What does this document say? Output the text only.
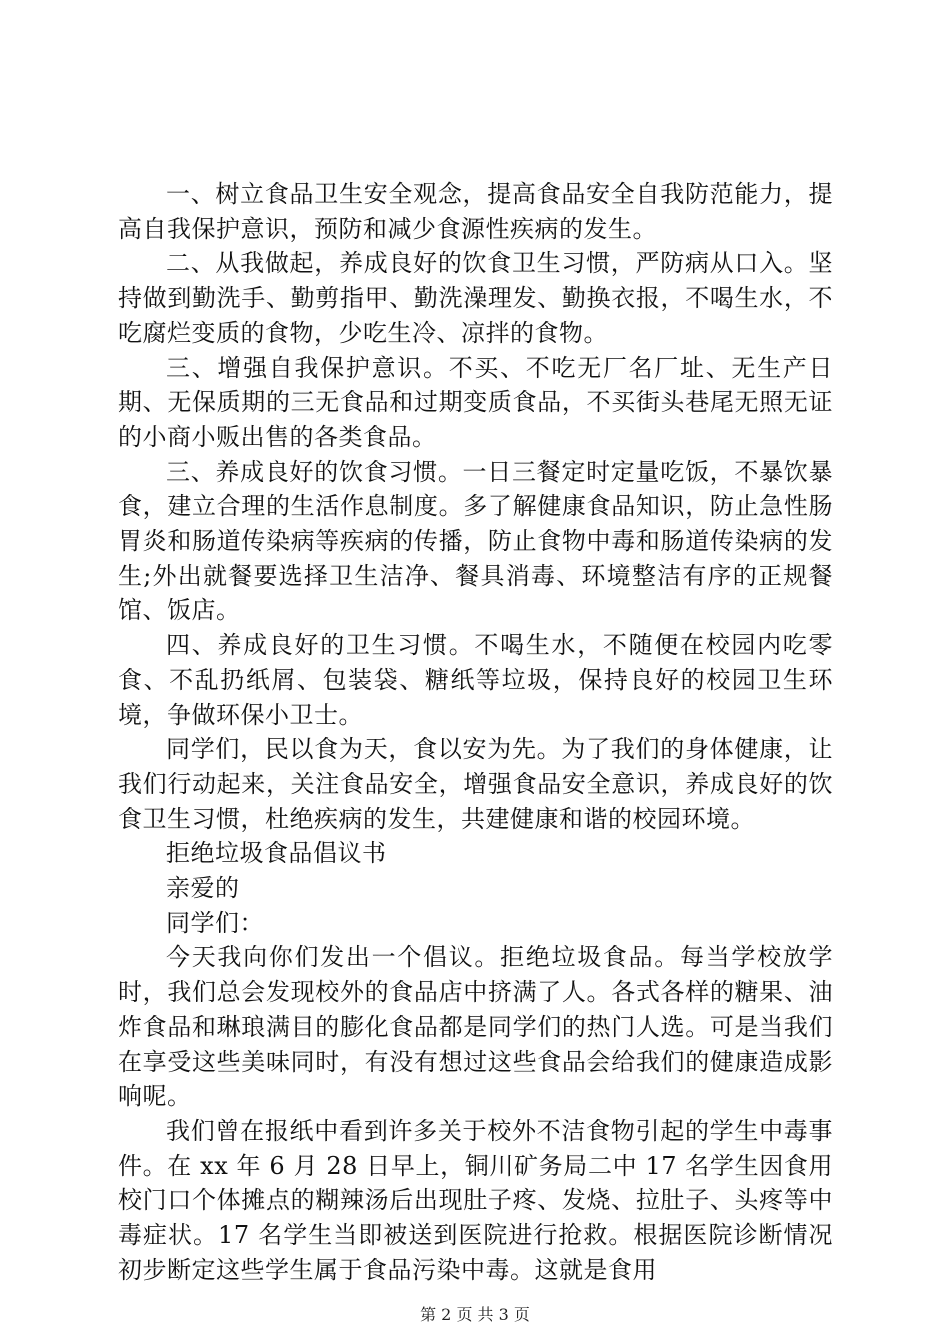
一、树立食品卫生安全观念，提高食品安全自我防范能力，提高自我保护意识，预防和减少食源性疾病的发生。

二、从我做起，养成良好的饮食卫生习惯，严防病从口入。坚持做到勤洗手、勤剪指甲、勤洗澡理发、勤换衣报，不喝生水，不吃腐烂变质的食物，少吃生冷、凉拌的食物。

三、增强自我保护意识。不买、不吃无厂名厂址、无生产日期、无保质期的三无食品和过期变质食品，不买街头巷尾无照无证的小商小贩出售的各类食品。

三、养成良好的饮食习惯。一日三餐定时定量吃饭，不暴饮暴食，建立合理的生活作息制度。多了解健康食品知识，防止急性肠胃炎和肠道传染病等疾病的传播，防止食物中毒和肠道传染病的发生;外出就餐要选择卫生洁净、餐具消毒、环境整洁有序的正规餐馆、饭店。

四、养成良好的卫生习惯。不喝生水，不随便在校园内吃零食、不乱扔纸屑、包装袋、糖纸等垃圾，保持良好的校园卫生环境，争做环保小卫士。

同学们，民以食为天，食以安为先。为了我们的身体健康，让我们行动起来，关注食品安全，增强食品安全意识，养成良好的饮食卫生习惯，杜绝疾病的发生，共建健康和谐的校园环境。

拒绝垃圾食品倡议书

亲爱的

同学们：

今天我向你们发出一个倡议。拒绝垃圾食品。每当学校放学时，我们总会发现校外的食品店中挤满了人。各式各样的糖果、油炸食品和琳琅满目的膨化食品都是同学们的热门人选。可是当我们在享受这些美味同时，有没有想过这些食品会给我们的健康造成影响呢。

我们曾在报纸中看到许多关于校外不洁食物引起的学生中毒事件。在 xx 年 6 月 28 日早上，铜川矿务局二中 17 名学生因食用校门口个体摊点的糊辣汤后出现肚子疼、发烧、拉肚子、头疼等中毒症状。17 名学生当即被送到医院进行抢救。根据医院诊断情况初步断定这些学生属于食品污染中毒。这就是食用

第 2 页 共 3 页
